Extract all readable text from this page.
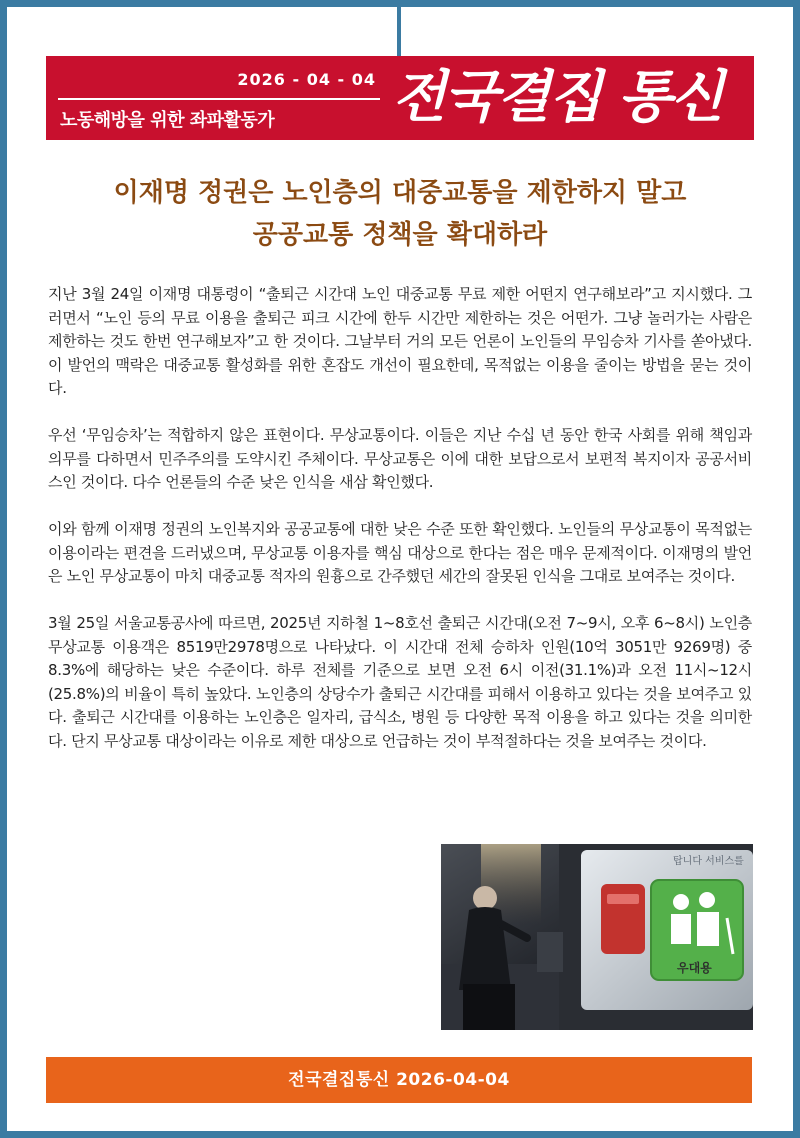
2026 - 04 - 04
노동해방을 위한 좌파활동가	전국결집 통신
이재명 정권은 노인층의 대중교통을 제한하지 말고
공공교통 정책을 확대하라

지난 3월 24일 이재명 대통령이 “출퇴근 시간대 노인 대중교통 무료 제한 어떤지 연구해보라”고 지시했다. 그러면서 “노인 등의 무료 이용을 출퇴근 피크 시간에 한두 시간만 제한하는 것은 어떤가. 그냥 놀러가는 사람은 제한하는 것도 한번 연구해보자”고 한 것이다. 그날부터 거의 모든 언론이 노인들의 무임승차 기사를 쏟아냈다. 이 발언의 맥락은 대중교통 활성화를 위한 혼잡도 개선이 필요한데, 목적없는 이용을 줄이는 방법을 묻는 것이다.

우선 ‘무임승차’는 적합하지 않은 표현이다. 무상교통이다. 이들은 지난 수십 년 동안 한국 사회를 위해 책임과 의무를 다하면서 민주주의를 도약시킨 주체이다. 무상교통은 이에 대한 보답으로서 보편적 복지이자 공공서비스인 것이다. 다수 언론들의 수준 낮은 인식을 새삼 확인했다.

이와 함께 이재명 정권의 노인복지와 공공교통에 대한 낮은 수준 또한 확인했다. 노인들의 무상교통이 목적없는 이용이라는 편견을 드러냈으며, 무상교통 이용자를 핵심 대상으로 한다는 점은 매우 문제적이다. 이재명의 발언은 노인 무상교통이 마치 대중교통 적자의 원흉으로 간주했던 세간의 잘못된 인식을 그대로 보여주는 것이다.

3월 25일 서울교통공사에 따르면, 2025년 지하철 1~8호선 출퇴근 시간대(오전 7~9시, 오후 6~8시) 노인층 무상교통 이용객은 8519만2978명으로 나타났다. 이 시간대 전체 승하차 인원(10억 3051만 9269명) 중 8.3%에 해당하는 낮은 수준이다. 하루 전체를 기준으로 보면 오전 6시 이전(31.1%)과 오전 11시~12시(25.8%)의 비율이 특히 높았다. 노인층의 상당수가 출퇴근 시간대를 피해서 이용하고 있다는 것을 보여주고 있다. 출퇴근 시간대를 이용하는 노인층은 일자리, 급식소, 병원 등 다양한 목적 이용을 하고 있다는 것을 의미한다. 단지 무상교통 대상이라는 이유로 제한 대상으로 언급하는 것이 부적절하다는 것을 보여주는 것이다.

탑니다 서비스를
우대용
전국결집통신 2026-04-04
